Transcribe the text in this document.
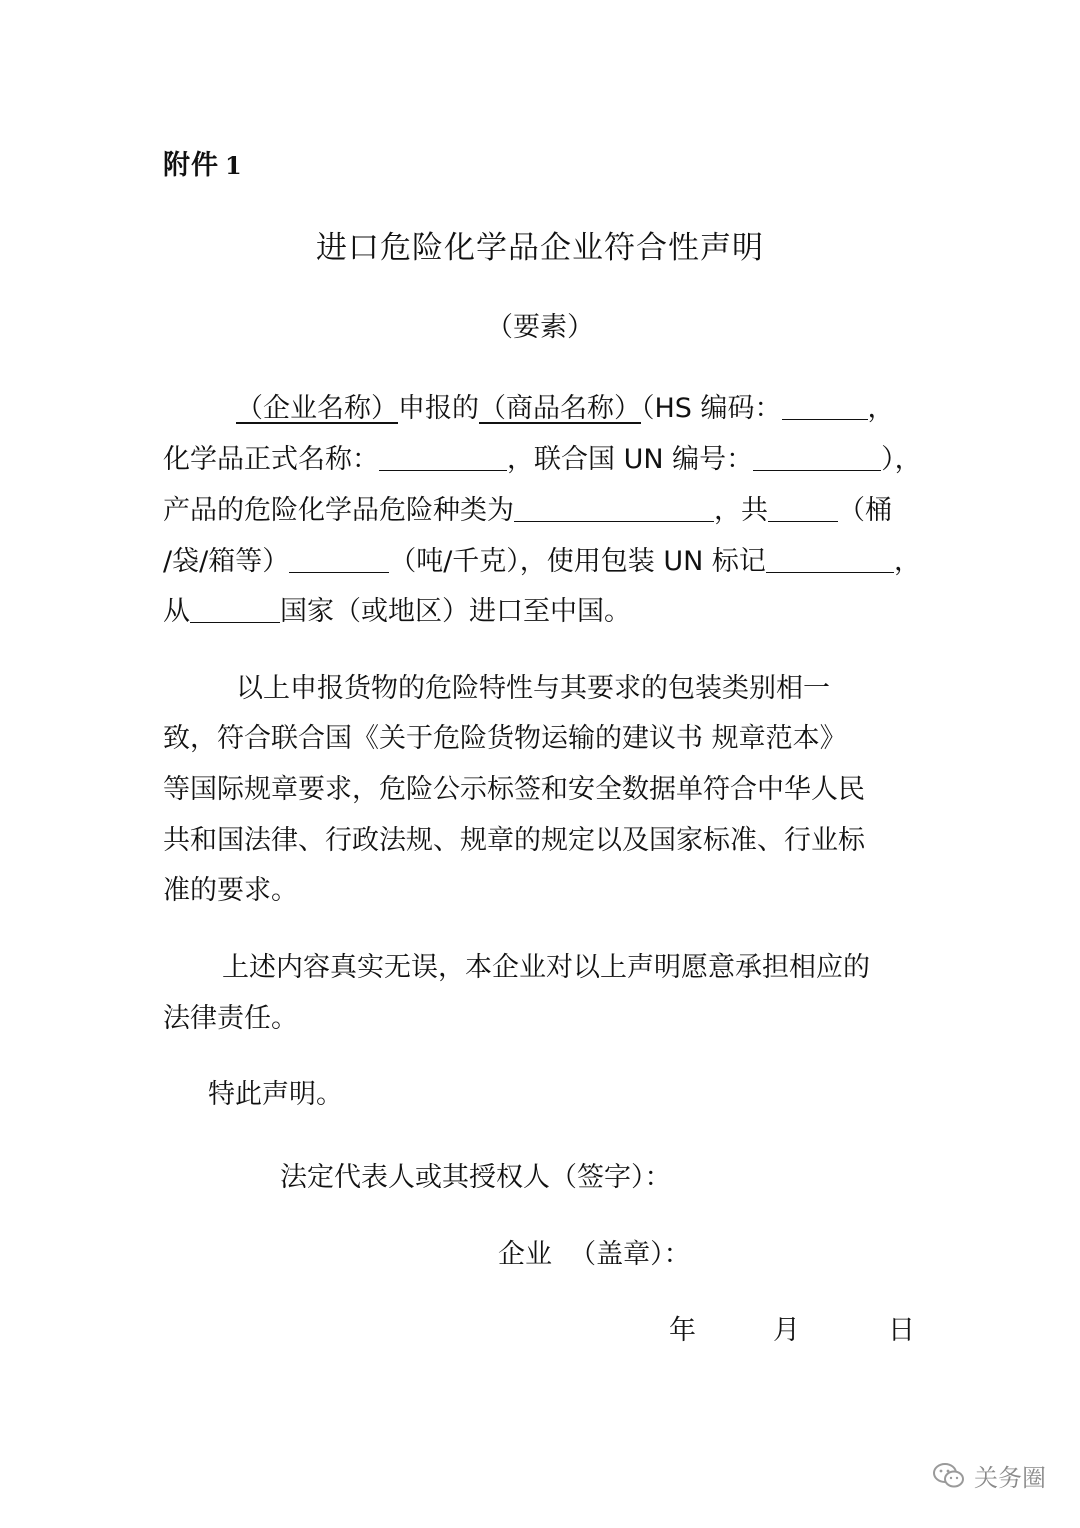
附件 1
进口危险化学品企业符合性声明
（要素）
（企业名称）申报的（商品名称）（HS 编码：	，
化学品正式名称：	，联合国 UN 编号：	），
产品的危险化学品危险种类为	，共	（桶
/袋/箱等）	（吨/千克），使用包装 UN 标记	，
从	国家（或地区）进口至中国。
以上申报货物的危险特性与其要求的包装类别相一
致，符合联合国《关于危险货物运输的建议书 规章范本》
等国际规章要求，危险公示标签和安全数据单符合中华人民
共和国法律、行政法规、规章的规定以及国家标准、行业标
准的要求。
上述内容真实无误，本企业对以上声明愿意承担相应的
法律责任。
特此声明。
法定代表人或其授权人（签字）：
企业  （盖章）：
年	月	日
关务圈
